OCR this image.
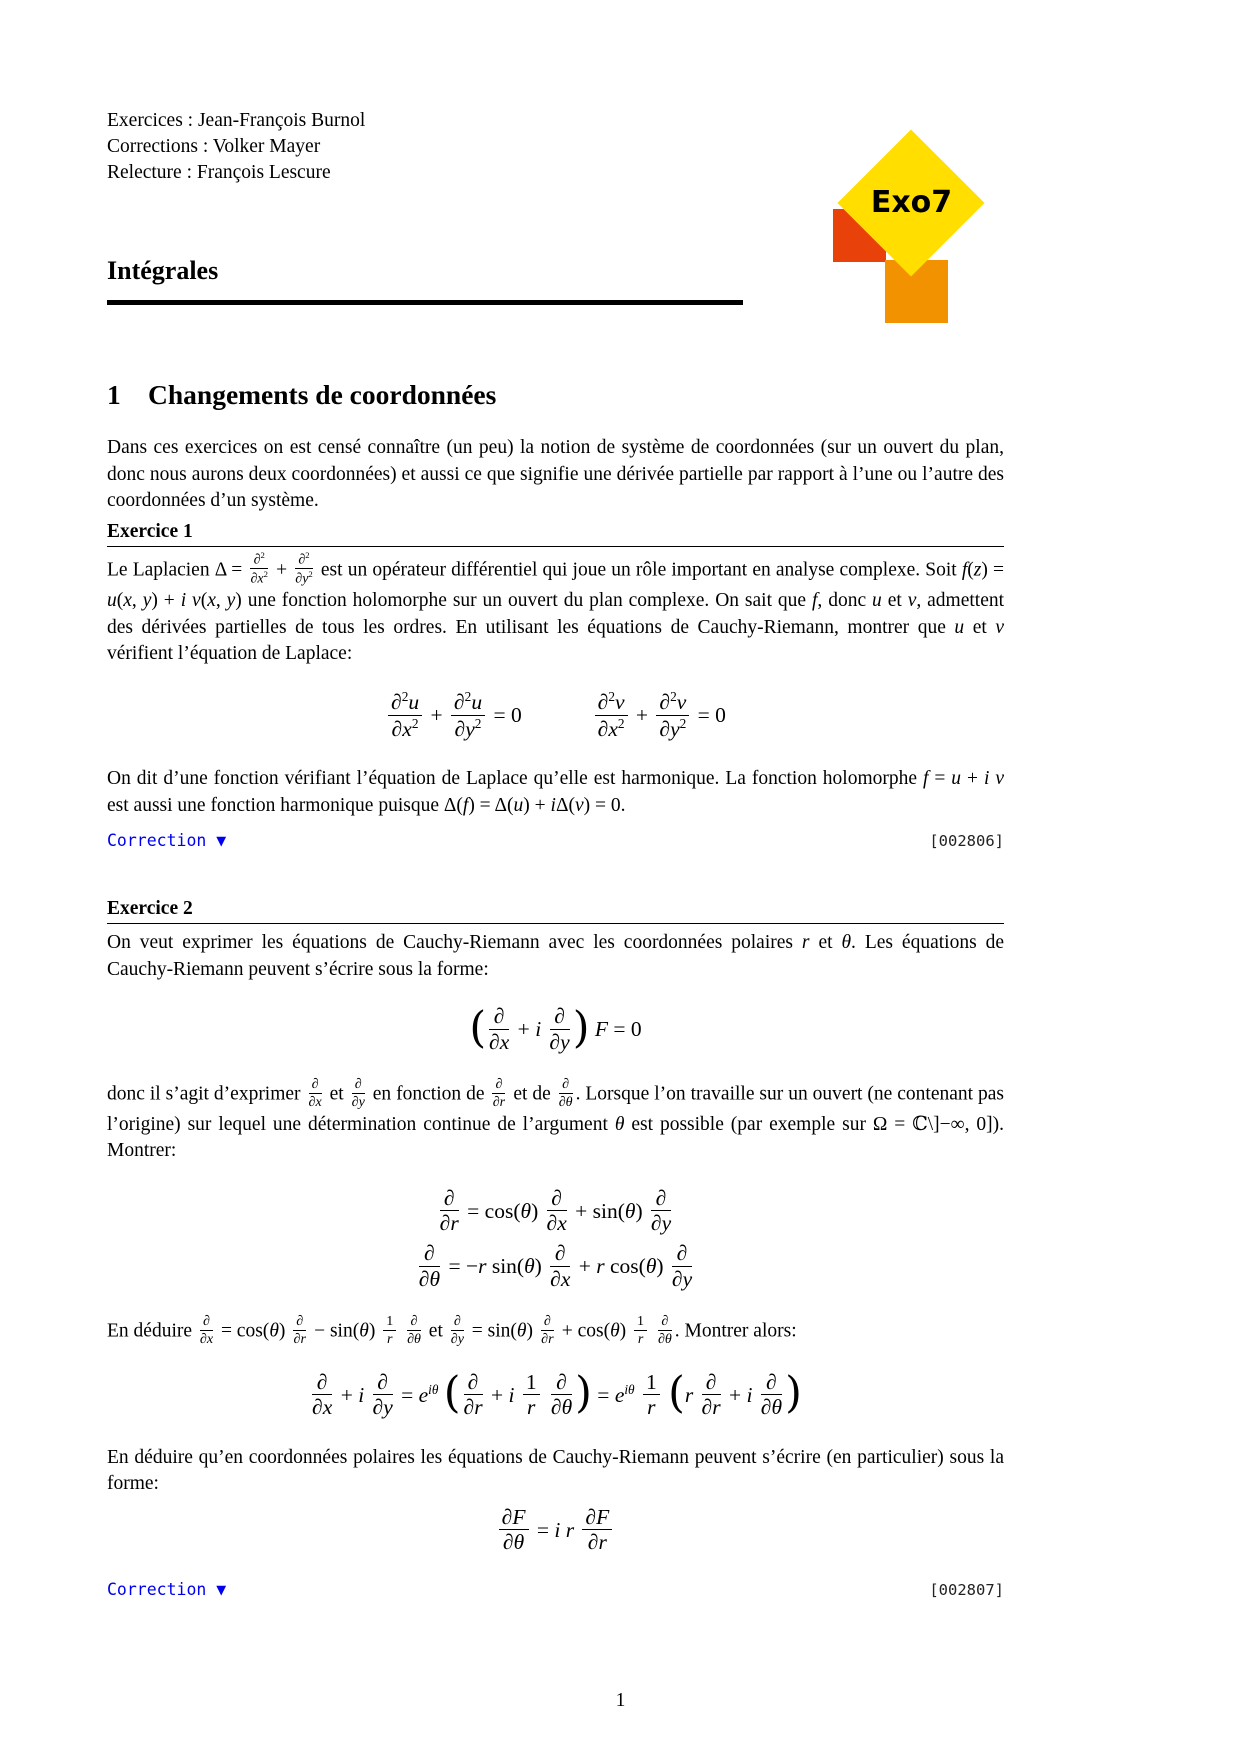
Exercices : Jean-François Burnol
Corrections : Volker Mayer
Relecture : François Lescure
Exo7
Intégrales
1 Changements de coordonnées

Dans ces exercices on est censé connaître (un peu) la notion de système de coordonnées (sur un ouvert du plan, donc nous aurons deux coordonnées) et aussi ce que signifie une dérivée partielle par rapport à l’une ou l’autre des coordonnées d’un système.

Exercice 1

Le Laplacien $\Delta = \frac{\partial^2}{\partial x^2} + \frac{\partial^2}{\partial y^2}$ est un opérateur différentiel qui joue un rôle important en analyse complexe. Soit f(z) = u(x, y) + i v(x, y) une fonction holomorphe sur un ouvert du plan complexe. On sait que f, donc u et v, admettent des dérivées partielles de tous les ordres. En utilisant les équations de Cauchy-Riemann, montrer que u et v vérifient l’équation de Laplace:

$\frac{\partial^2u}{\partial x^2} + \frac{\partial^2u}{\partial y^2} = 0$	$\frac{\partial^2v}{\partial x^2} + \frac{\partial^2v}{\partial y^2} = 0$

On dit d’une fonction vérifiant l’équation de Laplace qu’elle est harmonique. La fonction holomorphe f = u + i v est aussi une fonction harmonique puisque Δ(f) = Δ(u) + iΔ(v) = 0.

Correction ▼	[002806]
Exercice 2

On veut exprimer les équations de Cauchy-Riemann avec les coordonnées polaires r et θ. Les équations de Cauchy-Riemann peuvent s’écrire sous la forme:

( $\frac{\partial}{\partial x} + i \frac{\partial}{\partial y}$ ) F = 0

donc il s’agit d’exprimer $\frac{\partial}{\partial x}$ et $\frac{\partial}{\partial y}$ en fonction de $\frac{\partial}{\partial r}$ et de $\frac{\partial}{\partial\theta}$ . Lorsque l’on travaille sur un ouvert (ne contenant pas l’origine) sur lequel une détermination continue de l’argument θ est possible (par exemple sur Ω = ℂ\]−∞, 0]). Montrer:

$\frac{\partial}{\partial r} = \cos(\theta) \frac{\partial}{\partial x} + \sin(\theta) \frac{\partial}{\partial y}$
$\frac{\partial}{\partial\theta} = -r$ $\sin(\theta) \frac{\partial}{\partial x} + r$ $\cos(\theta) \frac{\partial}{\partial y}$

En déduire $\frac{\partial}{\partial x} = \cos(\theta) \frac{\partial}{\partial r} - \sin(\theta) \frac{1}{r}$
$\frac{\partial}{\partial\theta}$ et $\frac{\partial}{\partial y} = \sin(\theta) \frac{\partial}{\partial r} + \cos(\theta) \frac{1}{r}$
$\frac{\partial}{\partial\theta}$ . Montrer alors:

$\frac{\partial}{\partial x} + i \frac{\partial}{\partial y} = e^{i\theta}$ ( $\frac{\partial}{\partial r} + i \frac{1}{r}$
$\frac{\partial}{\partial\theta}$ ) = $e^{i\theta} \frac{1}{r} (r \frac{\partial}{\partial r} + i \frac{\partial}{\partial\theta}$ )

En déduire qu’en coordonnées polaires les équations de Cauchy-Riemann peuvent s’écrire (en particulier) sous la forme:

$\frac{\partial F}{\partial\theta} = i$ r $\frac{\partial F}{\partial r}$
Correction ▼	[002807]
1
